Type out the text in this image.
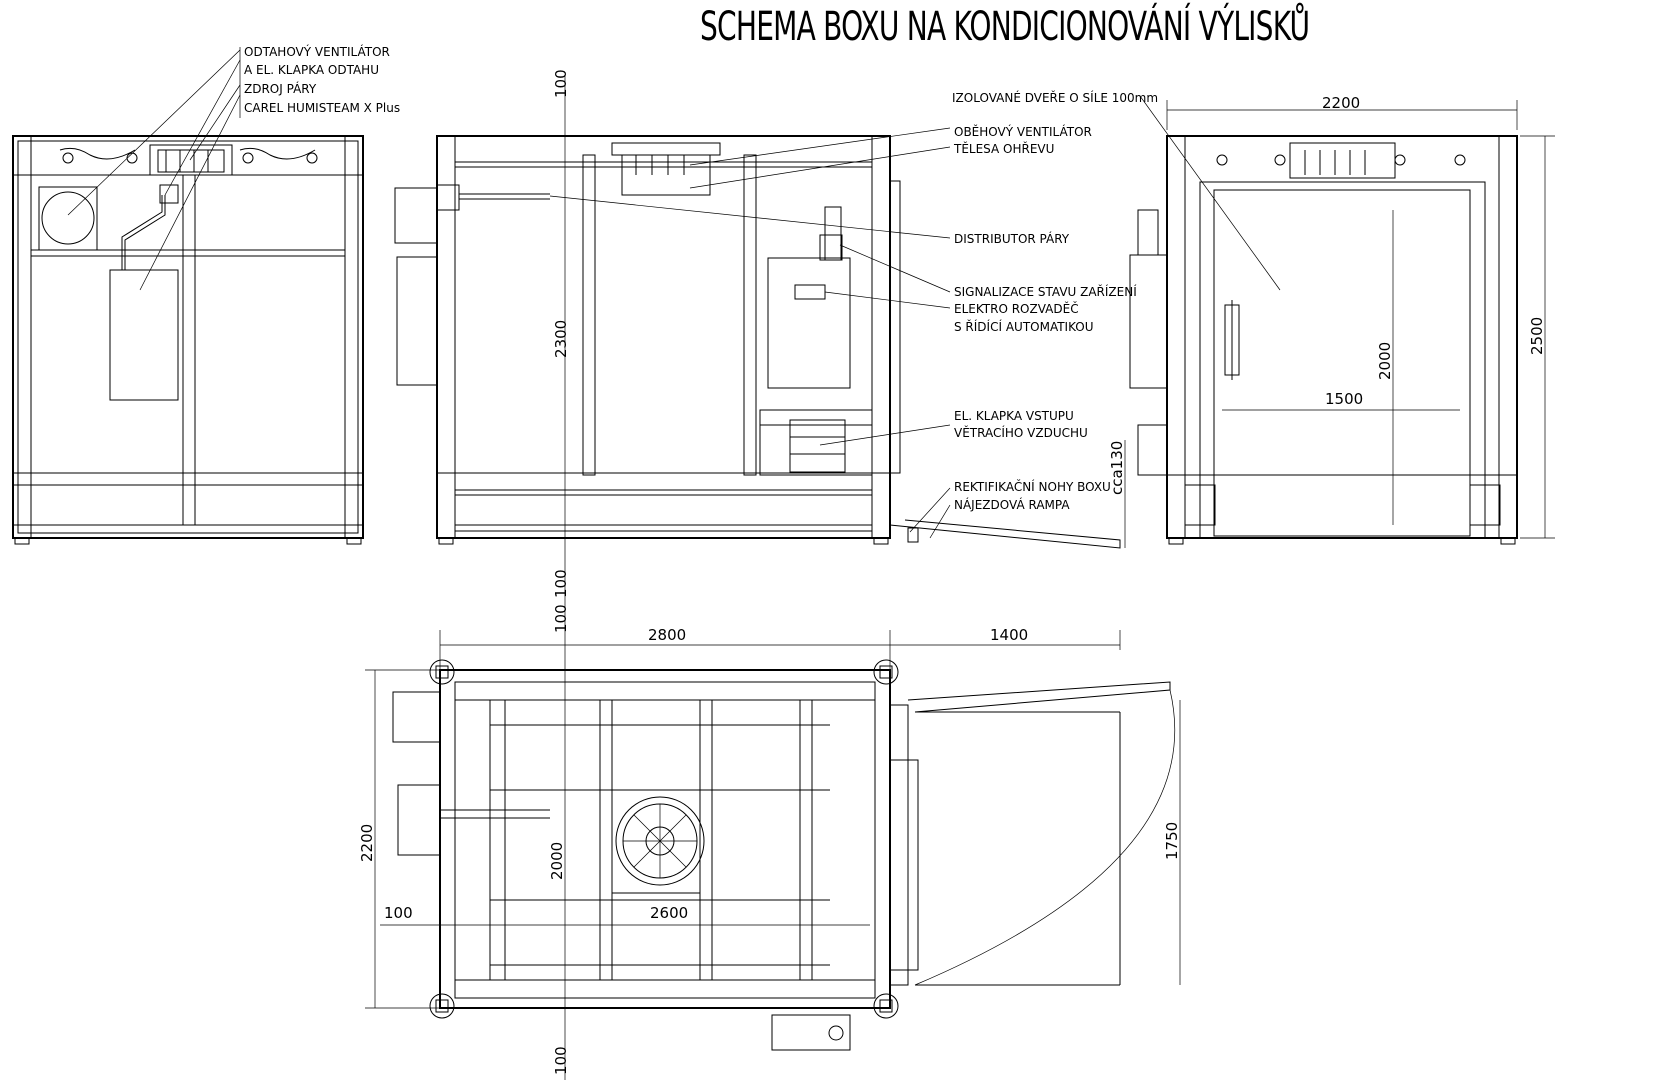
SCHEMA BOXU NA KONDICIONOVÁNÍ VÝLISKŮ
ODTAHOVÝ VENTILÁTOR
A EL. KLAPKA ODTAHU
ZDROJ PÁRY
CAREL HUMISTEAM X Plus
OBĚHOVÝ VENTILÁTOR
TĚLESA OHŘEVU
DISTRIBUTOR PÁRY
SIGNALIZACE STAVU ZAŘÍZENÍ
ELEKTRO ROZVADĚČ
S ŘÍDÍCÍ AUTOMATIKOU
EL. KLAPKA VSTUPU
VĚTRACÍHO VZDUCHU
REKTIFIKAČNÍ NOHY BOXU
NÁJEZDOVÁ RAMPA
IZOLOVANÉ DVEŘE O SÍLE 100mm
100
2300
2200
2500
2000
1500
cca130
100
100
2800	1400
2200	2000
100	2600
1750
100
